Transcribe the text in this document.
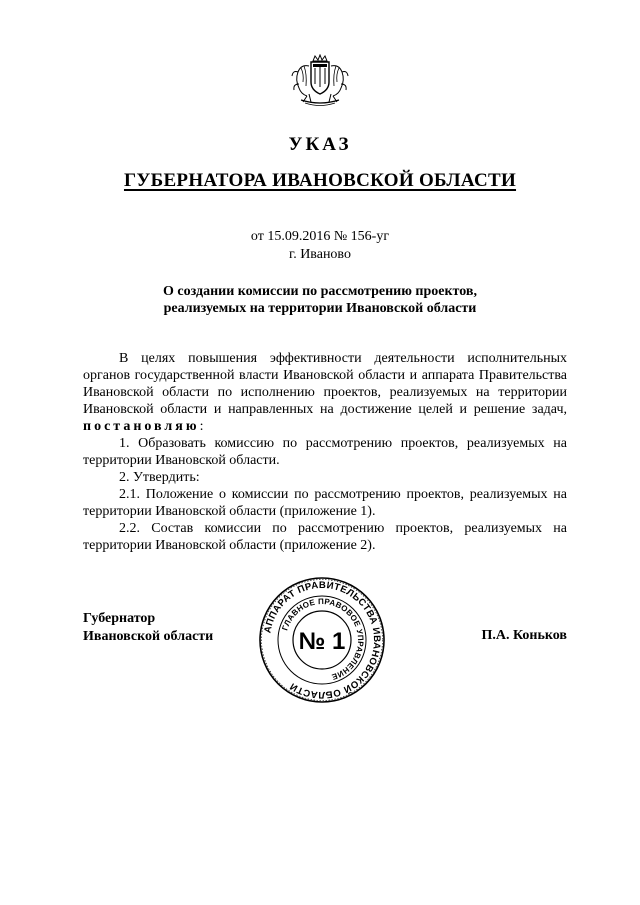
УКАЗ
ГУБЕРНАТОРА ИВАНОВСКОЙ ОБЛАСТИ
от 15.09.2016 № 156-уг
г. Иваново
О создании комиссии по рассмотрению проектов,
реализуемых на территории Ивановской области

В целях повышения эффективности деятельности исполнительных органов государственной власти Ивановской области и аппарата Правительства Ивановской области по исполнению проектов, реализуемых на территории Ивановской области и направленных на достижение целей и решение задач, постановляю:

1. Образовать комиссию по рассмотрению проектов, реализуемых на территории Ивановской области.

2. Утвердить:

2.1. Положение о комиссии по рассмотрению проектов, реализуемых на территории Ивановской области (приложение 1).

2.2. Состав комиссии по рассмотрению проектов, реализуемых на территории Ивановской области (приложение 2).

Губернатор
Ивановской области	П.А. Коньков
АППАРАТ ПРАВИТЕЛЬСТВА ИВАНОВСКОЙ ОБЛАСТИ
ГЛАВНОЕ ПРАВОВОЕ УПРАВЛЕНИЕ
№ 1
